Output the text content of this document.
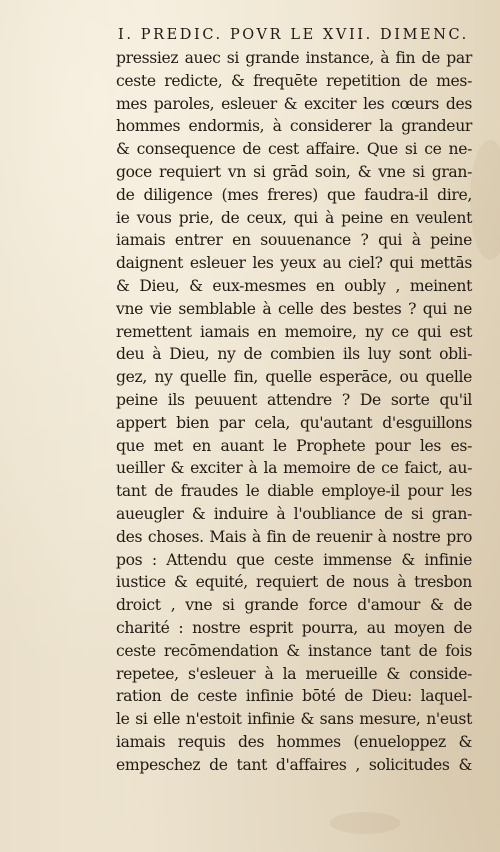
I. PREDIC. POVR LE XVII. DIMENC.
pressiez auec si grande instance, à fin de par
ceste redicte, & frequēte repetition de mes-
mes paroles, esleuer & exciter les cœurs des
hommes endormis, à considerer la grandeur
& consequence de cest affaire. Que si ce ne-
goce requiert vn si grād soin, & vne si gran-
de diligence (mes freres) que faudra-il dire,
ie vous prie, de ceux, qui à peine en veulent
iamais entrer en souuenance ? qui à peine
daignent esleuer les yeux au ciel? qui mettās
& Dieu, & eux-mesmes en oubly , meinent
vne vie semblable à celle des bestes ? qui ne
remettent iamais en memoire, ny ce qui est
deu à Dieu, ny de combien ils luy sont obli-
gez, ny quelle fin, quelle esperāce, ou quelle
peine ils peuuent attendre ? De sorte qu'il
appert bien par cela, qu'autant d'esguillons
que met en auant le Prophete pour les es-
ueiller & exciter à la memoire de ce faict, au-
tant de fraudes le diable employe-il pour les
aueugler & induire à l'oubliance de si gran-
des choses. Mais à fin de reuenir à nostre pro
pos : Attendu que ceste immense & infinie
iustice & equité, requiert de nous à tresbon
droict , vne si grande force d'amour & de
charité : nostre esprit pourra, au moyen de
ceste recōmendation & instance tant de fois
repetee, s'esleuer à la merueille & conside-
ration de ceste infinie bōté de Dieu: laquel-
le si elle n'estoit infinie & sans mesure, n'eust
iamais requis des hommes (enueloppez &
empeschez de tant d'affaires , solicitudes &
